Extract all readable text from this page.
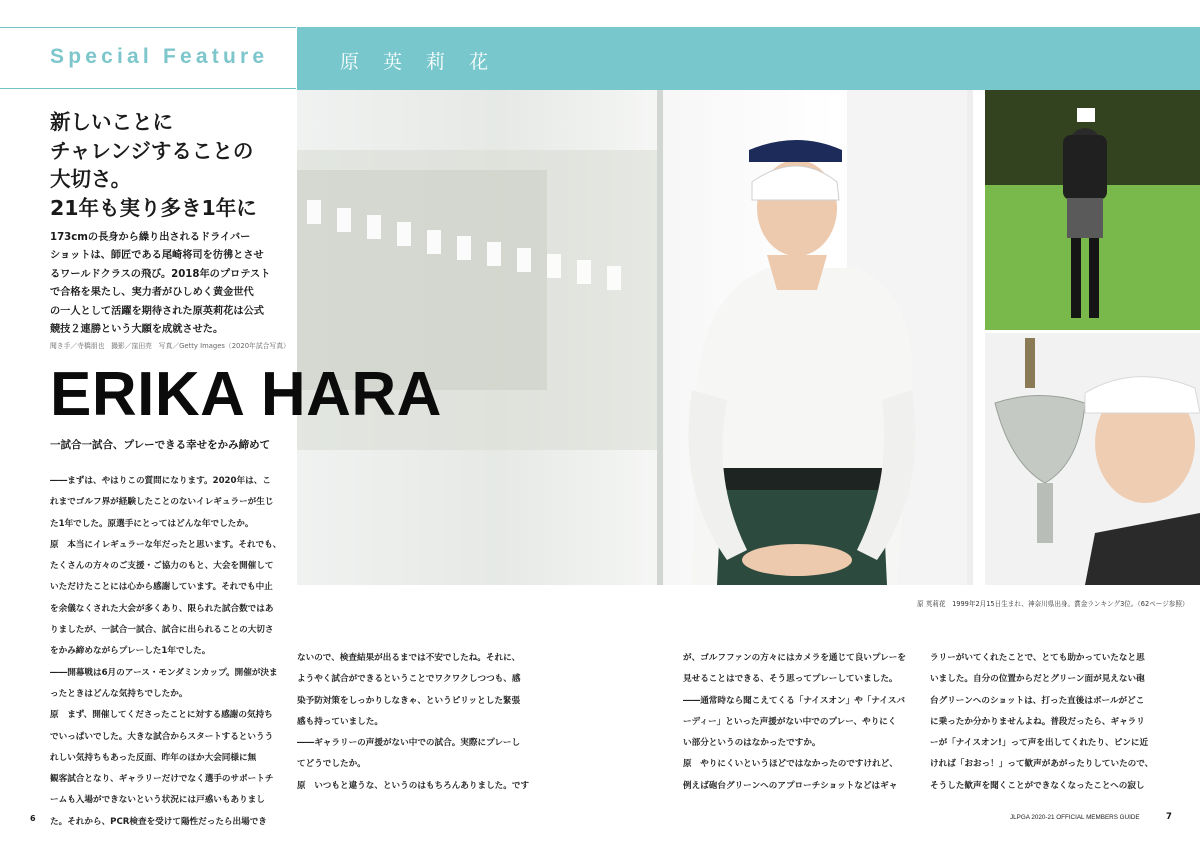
Special Feature	原英莉花
新しいことに
チャレンジすることの
大切さ。
21年も実り多き1年に
173cmの長身から繰り出されるドライバー
ショットは、師匠である尾崎将司を彷彿とさせ
るワールドクラスの飛び。2018年のプロテスト
で合格を果たし、実力者がひしめく黄金世代
の一人として活躍を期待された原英莉花は公式
競技２連勝という大願を成就させた。
聞き手／寺橋朋也　撮影／窪田亮　写真／Getty Images（2020年試合写真）
ERIKA HARA
一試合一試合、プレーできる幸せをかみ締めて

――まずは、やはりこの質問になります。2020年は、こ

れまでゴルフ界が経験したことのないイレギュラーが生じ

た1年でした。原選手にとってはどんな年でしたか。

原　本当にイレギュラーな年だったと思います。それでも、

たくさんの方々のご支援・ご協力のもと、大会を開催して

いただけたことには心から感謝しています。それでも中止

を余儀なくされた大会が多くあり、限られた試合数ではあ

りましたが、一試合一試合、試合に出られることの大切さ

をかみ締めながらプレーした1年でした。

――開幕戦は6月のアース・モンダミンカップ。開催が決ま

ったときはどんな気持ちでしたか。

原　まず、開催してくださったことに対する感謝の気持ち

でいっぱいでした。大きな試合からスタートするというう

れしい気持ちもあった反面、昨年のほか大会同様に無

観客試合となり、ギャラリーだけでなく選手のサポートチ

ームも入場ができないという状況には戸惑いもありまし

た。それから、PCR検査を受けて陽性だったら出場でき

ないので、検査結果が出るまでは不安でしたね。それに、

ようやく試合ができるということでワクワクしつつも、感

染予防対策をしっかりしなきゃ、というピリッとした緊張

感も持っていました。

――ギャラリーの声援がない中での試合。実際にプレーし

てどうでしたか。

原　いつもと違うな、というのはもちろんありました。です

が、ゴルフファンの方々にはカメラを通じて良いプレーを

見せることはできる、そう思ってプレーしていました。

――通常時なら聞こえてくる「ナイスオン」や「ナイスバ

ーディー」といった声援がない中でのプレー、やりにく

い部分というのはなかったですか。

原　やりにくいというほどではなかったのですけれど、

例えば砲台グリーンへのアプローチショットなどはギャ

ラリーがいてくれたことで、とても助かっていたなと思

いました。自分の位置からだとグリーン面が見えない砲

台グリーンへのショットは、打った直後はボールがどこ

に乗ったか分かりませんよね。普段だったら、ギャラリ

ーが「ナイスオン!」って声を出してくれたり、ピンに近

ければ「おおっ！」って歓声があがったりしていたので、

そうした歓声を聞くことができなくなったことへの寂し

原 英莉花　1999年2月15日生まれ、神奈川県出身。賞金ランキング3位。（62ページ参照）
6	JLPGA 2020-21 OFFICIAL MEMBERS GUIDE	7
